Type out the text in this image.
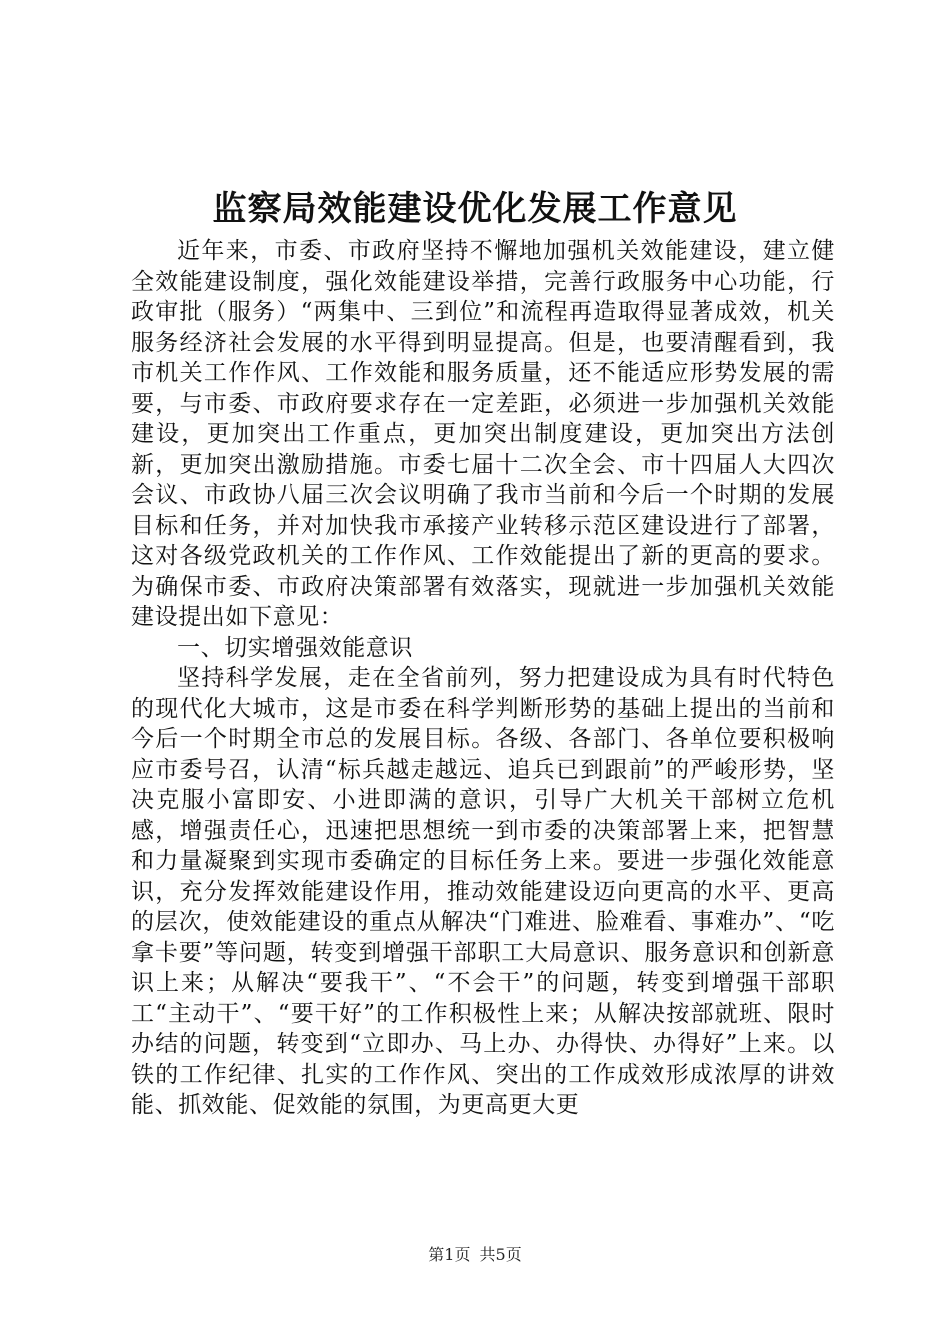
监察局效能建设优化发展工作意见

近年来，市委、市政府坚持不懈地加强机关效能建设，建立健全效能建设制度，强化效能建设举措，完善行政服务中心功能，行政审批（服务）“两集中、三到位”和流程再造取得显著成效，机关服务经济社会发展的水平得到明显提高。但是，也要清醒看到，我市机关工作作风、工作效能和服务质量，还不能适应形势发展的需要，与市委、市政府要求存在一定差距，必须进一步加强机关效能建设，更加突出工作重点，更加突出制度建设，更加突出方法创新，更加突出激励措施。市委七届十二次全会、市十四届人大四次会议、市政协八届三次会议明确了我市当前和今后一个时期的发展目标和任务，并对加快我市承接产业转移示范区建设进行了部署，这对各级党政机关的工作作风、工作效能提出了新的更高的要求。为确保市委、市政府决策部署有效落实，现就进一步加强机关效能建设提出如下意见：

一、切实增强效能意识

坚持科学发展，走在全省前列，努力把建设成为具有时代特色的现代化大城市，这是市委在科学判断形势的基础上提出的当前和今后一个时期全市总的发展目标。各级、各部门、各单位要积极响应市委号召，认清“标兵越走越远、追兵已到跟前”的严峻形势，坚决克服小富即安、小进即满的意识，引导广大机关干部树立危机感，增强责任心，迅速把思想统一到市委的决策部署上来，把智慧和力量凝聚到实现市委确定的目标任务上来。要进一步强化效能意识，充分发挥效能建设作用，推动效能建设迈向更高的水平、更高的层次，使效能建设的重点从解决“门难进、脸难看、事难办”、“吃拿卡要”等问题，转变到增强干部职工大局意识、服务意识和创新意识上来；从解决“要我干”、“不会干”的问题，转变到增强干部职工“主动干”、“要干好”的工作积极性上来；从解决按部就班、限时办结的问题，转变到“立即办、马上办、办得快、办得好”上来。以铁的工作纪律、扎实的工作作风、突出的工作成效形成浓厚的讲效能、抓效能、促效能的氛围，为更高更大更

第1页 共5页
